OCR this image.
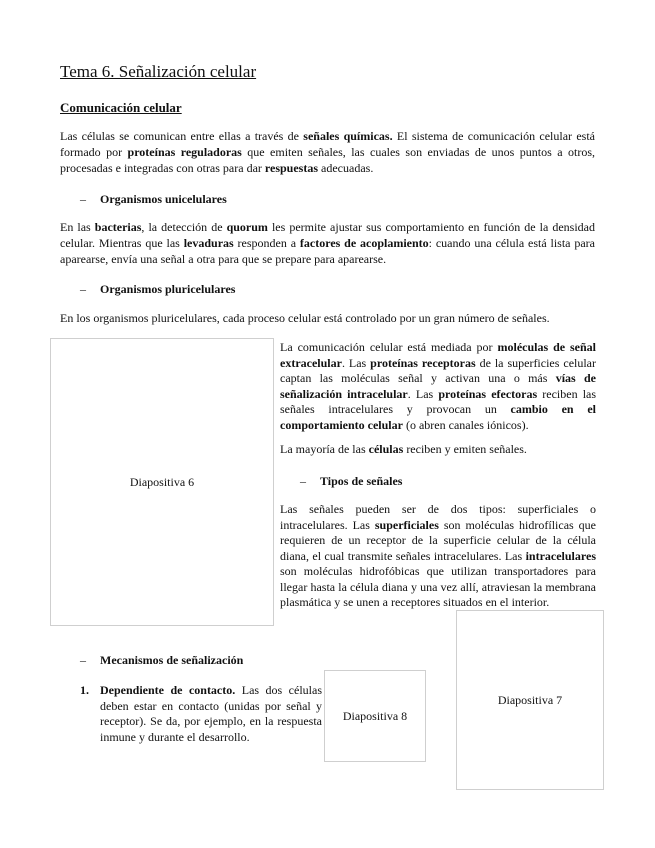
Tema 6. Señalización celular
Comunicación celular
Las células se comunican entre ellas a través de señales químicas. El sistema de comunicación celular está formado por proteínas reguladoras que emiten señales, las cuales son enviadas de unos puntos a otros, procesadas e integradas con otras para dar respuestas adecuadas.
– Organismos unicelulares
En las bacterias, la detección de quorum les permite ajustar sus comportamiento en función de la densidad celular. Mientras que las levaduras responden a factores de acoplamiento: cuando una célula está lista para aparearse, envía una señal a otra para que se prepare para aparearse.
– Organismos pluricelulares
En los organismos pluricelulares, cada proceso celular está controlado por un gran número de señales.
Diapositiva 6

La comunicación celular está mediada por moléculas de señal extracelular. Las proteínas receptoras de la superficies celular captan las moléculas señal y activan una o más vías de señalización intracelular. Las proteínas efectoras reciben las señales intracelulares y provocan un cambio en el comportamiento celular (o abren canales iónicos).

La mayoría de las células reciben y emiten señales.

– Tipos de señales

Las señales pueden ser de dos tipos: superficiales o intracelulares. Las superficiales son moléculas hidrofílicas que requieren de un receptor de la superficie celular de la célula diana, el cual transmite señales intracelulares. Las intracelulares son moléculas hidrofóbicas que utilizan transportadores para llegar hasta la célula diana y una vez allí, atraviesan la membrana plasmática y se unen a receptores situados en el interior.

Diapositiva 7
– Mecanismos de señalización
1. Dependiente de contacto. Las dos células deben estar en contacto (unidas por señal y receptor). Se da, por ejemplo, en la respuesta inmune y durante el desarrollo.
Diapositiva 8
